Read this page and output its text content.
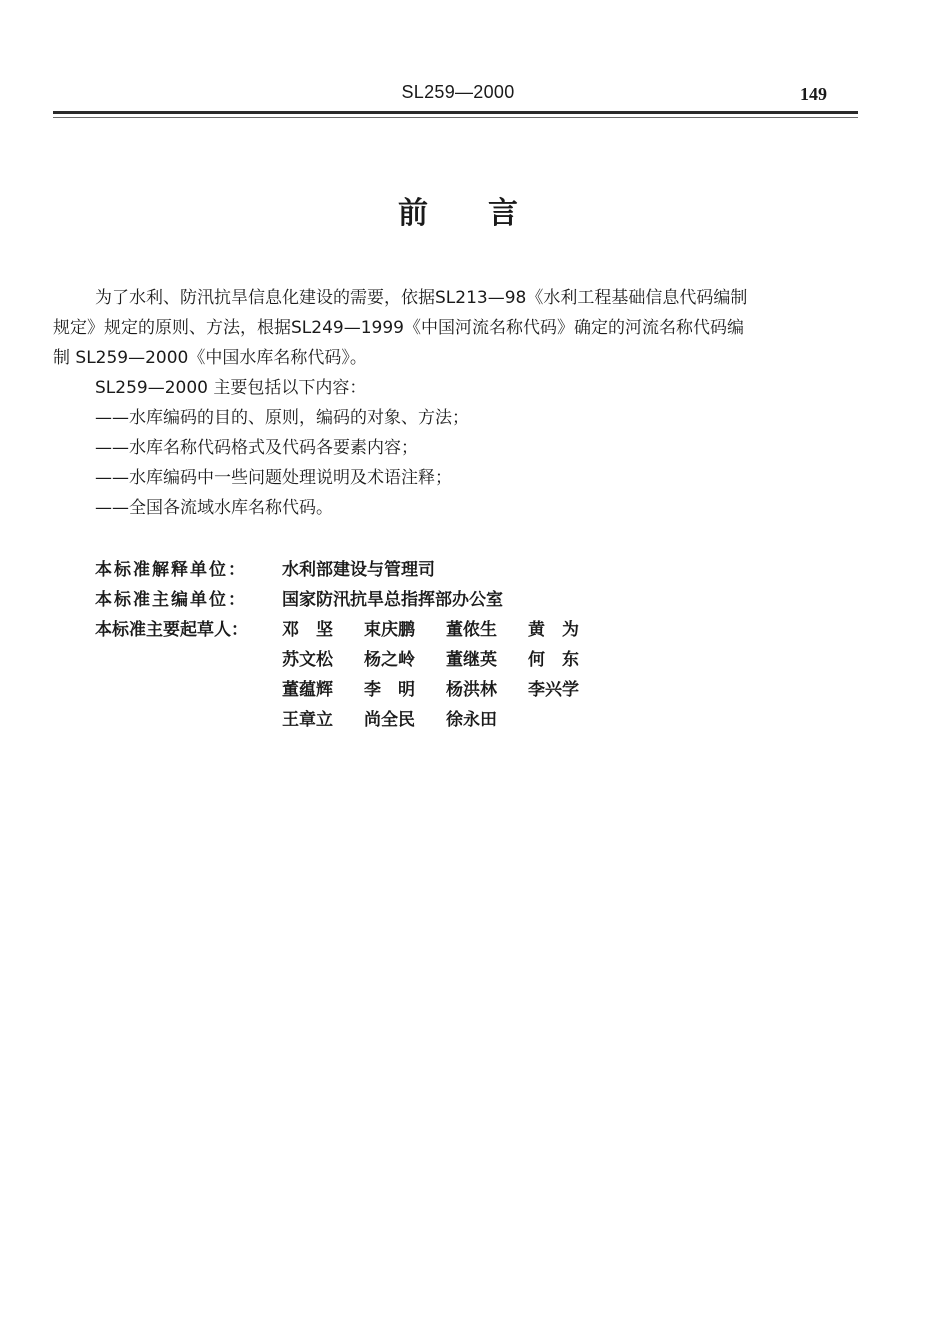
SL259—2000	149
前言
为了水利、防汛抗旱信息化建设的需要，依据SL213—98《水利工程基础信息代码编制
规定》规定的原则、方法，根据SL249—1999《中国河流名称代码》确定的河流名称代码编
制 SL259—2000《中国水库名称代码》。
SL259—2000 主要包括以下内容：
——水库编码的目的、原则，编码的对象、方法；
——水库名称代码格式及代码各要素内容；
——水库编码中一些问题处理说明及术语注释；
——全国各流域水库名称代码。
本标准解释单位： 水利部建设与管理司
本标准主编单位： 国家防汛抗旱总指挥部办公室
本标准主要起草人： 邓　坚 束庆鹏 董侬生 黄　为
苏文松 杨之岭 董继英 何　东
董蕴辉 李　明 杨洪林 李兴学
王章立 尚全民 徐永田
